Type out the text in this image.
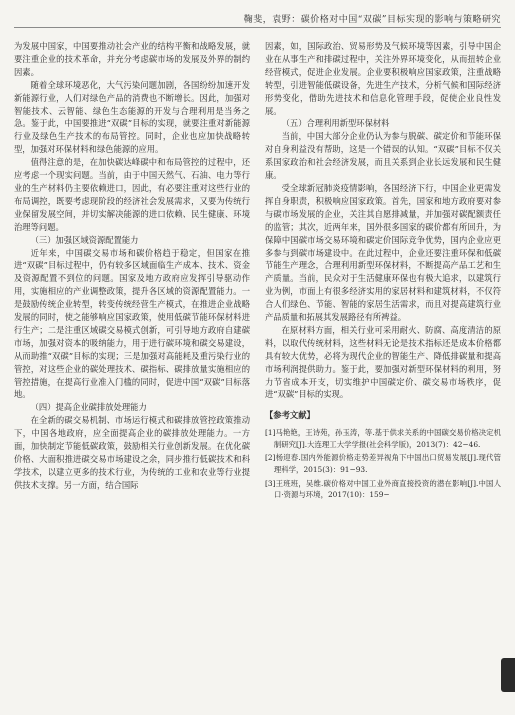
鞠斐，袁野：碳价格对中国“双碳”目标实现的影响与策略研究

为发展中国家，中国要推动社会产业的结构平衡和战略发展，就要注重企业的技术革命，并充分考虑碳市场的发展及外界的制约因素。

随着全球环境恶化，大气污染问题加剧，各国纷纷加速开发新能源行业，人们对绿色产品的消费也不断增长。因此，加强对智能技术、云智能、绿色生态能源的开发与合理利用是当务之急。鉴于此，中国要推进“双碳”目标的实现，就要注重对新能源行业及绿色生产技术的布局管控。同时，企业也应加快战略转型，加强对环保材料和绿色能源的应用。

值得注意的是，在加快碳达峰碳中和布局管控的过程中，还应考虑一个现实问题。当前，由于中国天然气、石油、电力等行业的生产材料仍主要依赖进口，因此，有必要注重对这些行业的布局调控，既要考虑现阶段的经济社会发展需求，又要为传统行业保留发展空间，并切实解决能源的进口依赖、民生健康、环境治理等问题。

（三）加强区域资源配置能力

近年来，中国碳交易市场和碳价格趋于稳定，但国家在推进“双碳”目标过程中，仍有较多区域面临生产成本、技术、资金及资源配置不到位的问题。国家及地方政府应发挥引导驱动作用，实施相应的产业调整政策，提升各区域的资源配置能力。一是鼓励传统企业转型，转变传统经营生产模式，在推进企业战略发展的同时，使之能够响应国家政策，使用低碳节能环保材料进行生产；二是注重区域碳交易模式创新，可引导地方政府自建碳市场，加强对资本的吸纳能力，用于进行碳环境和碳交易建设，从而助推“双碳”目标的实现；三是加强对高能耗及重污染行业的管控，对这些企业的碳处理技术、碳指标、碳排放量实施相应的管控措施，在提高行业准入门槛的同时，促进中国“双碳”目标落地。

（四）提高企业碳排放处理能力

在全新的碳交易机制、市场运行模式和碳排放管控政策推动下，中国各地政府，应全面提高企业的碳排放处理能力。一方面，加快制定节能低碳政策，鼓励相关行业创新发展。在优化碳价格、大面积推进碳交易市场建设之余，同步推行低碳技术和科学技术，以建立更多的技术行业，为传统的工业和农业等行业提供技术支撑。另一方面，结合国际

因素，如，国际政治、贸易形势及气候环境等因素，引导中国企业在从事生产和排碳过程中，关注外界环境变化，从而扭转企业经营模式，促进企业发展。企业要积极响应国家政策，注重战略转型，引进智能低碳设备，先进生产技术，分析气候和国际经济形势变化，借助先进技术和信息化管理手段，促使企业良性发展。

（五）合理利用新型环保材料

当前，中国大部分企业仍认为参与脱碳、碳定价和节能环保对自身利益没有帮助，这是一个错误的认知。“双碳”目标不仅关系国家政治和社会经济发展，而且关系到企业长远发展和民生健康。

受全球新冠肺炎疫情影响，各国经济下行，中国企业更需发挥自身职责，积极响应国家政策。首先，国家和地方政府要对参与碳市场发展的企业，关注其自愿排减量，并加强对碳配额责任的监管；其次，近两年来，国外很多国家的碳价都有所回升，为保障中国碳市场交易环境和碳定价国际竞争优势，国内企业应更多参与到碳市场建设中。在此过程中，企业还要注重环保和低碳节能生产理念，合理利用新型环保材料，不断提高产品工艺和生产质量。当前，民众对于生活健康环保也有极大追求，以建筑行业为例，市面上有很多经济实用的家居材料和建筑材料，不仅符合人们绿色、节能、智能的家居生活需求，而且对提高建筑行业产品质量和拓展其发展路径有所裨益。

在原材料方面，相关行业可采用耐火、防腐、高度清洁的原料，以取代传统材料，这些材料无论是技术指标还是成本价格都具有较大优势，必将为现代企业的智能生产、降低排碳量和提高市场利润提供助力。鉴于此，要加强对新型环保材料的利用，努力节省成本开支，切实维护中国碳定价、碳交易市场秩序，促进“双碳”目标的实现。

【参考文献】
[1]马艳艳，王诗苑，孙玉涛，等.基于供求关系的中国碳交易价格决定机制研究[J].大连理工大学学报(社会科学版)，2013(7)：42−46.
[2]杨迎春.国内外能源价格走势差异视角下中国出口贸易发展[J].现代管理科学，2015(3)：91−93.
[3]王班班，吴维.碳价格对中国工业外商直接投资的潜在影响[J].中国人口·资源与环境，2017(10)：159−
